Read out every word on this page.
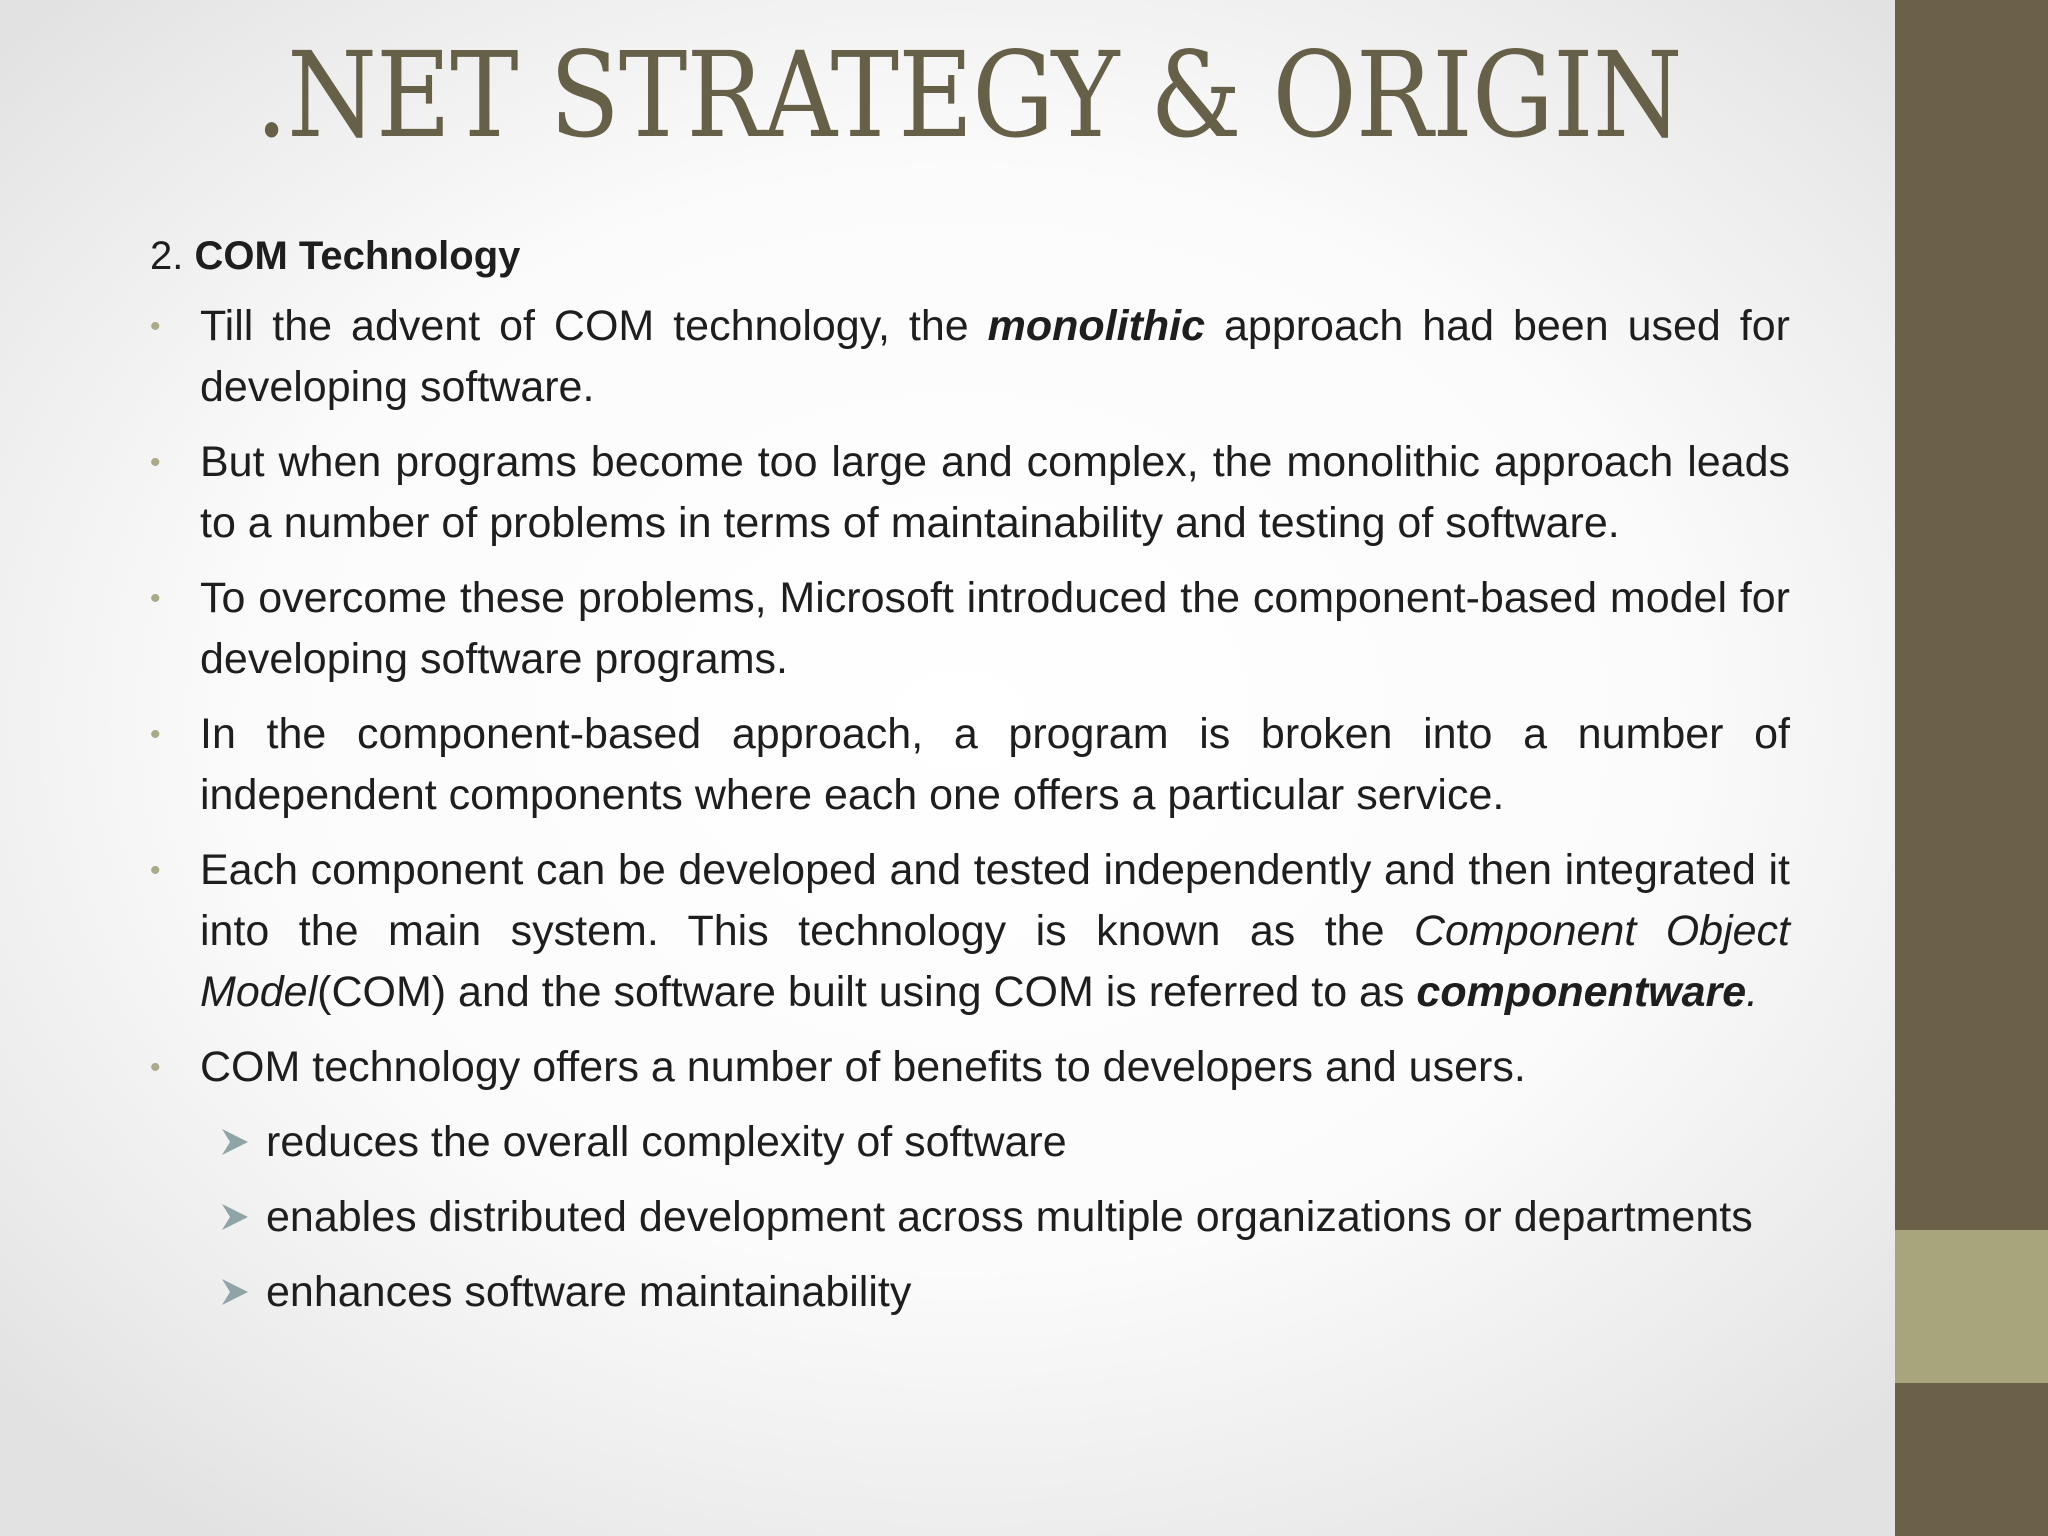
.NET STRATEGY & ORIGIN
2. COM Technology
• Till the advent of COM technology, the monolithic approach had been used for developing software.
• But when programs become too large and complex, the monolithic approach leads to a number of problems in terms of maintainability and testing of software.
• To overcome these problems, Microsoft introduced the component-based model for developing software programs.
• In the component-based approach, a program is broken into a number of independent components where each one offers a particular service.
• Each component can be developed and tested independently and then integrated it into the main system. This technology is known as the Component Object Model(COM) and the software built using COM is referred to as componentware.
• COM technology offers a number of benefits to developers and users.
reduces the overall complexity of software
enables distributed development across multiple organizations or departments
enhances software maintainability
